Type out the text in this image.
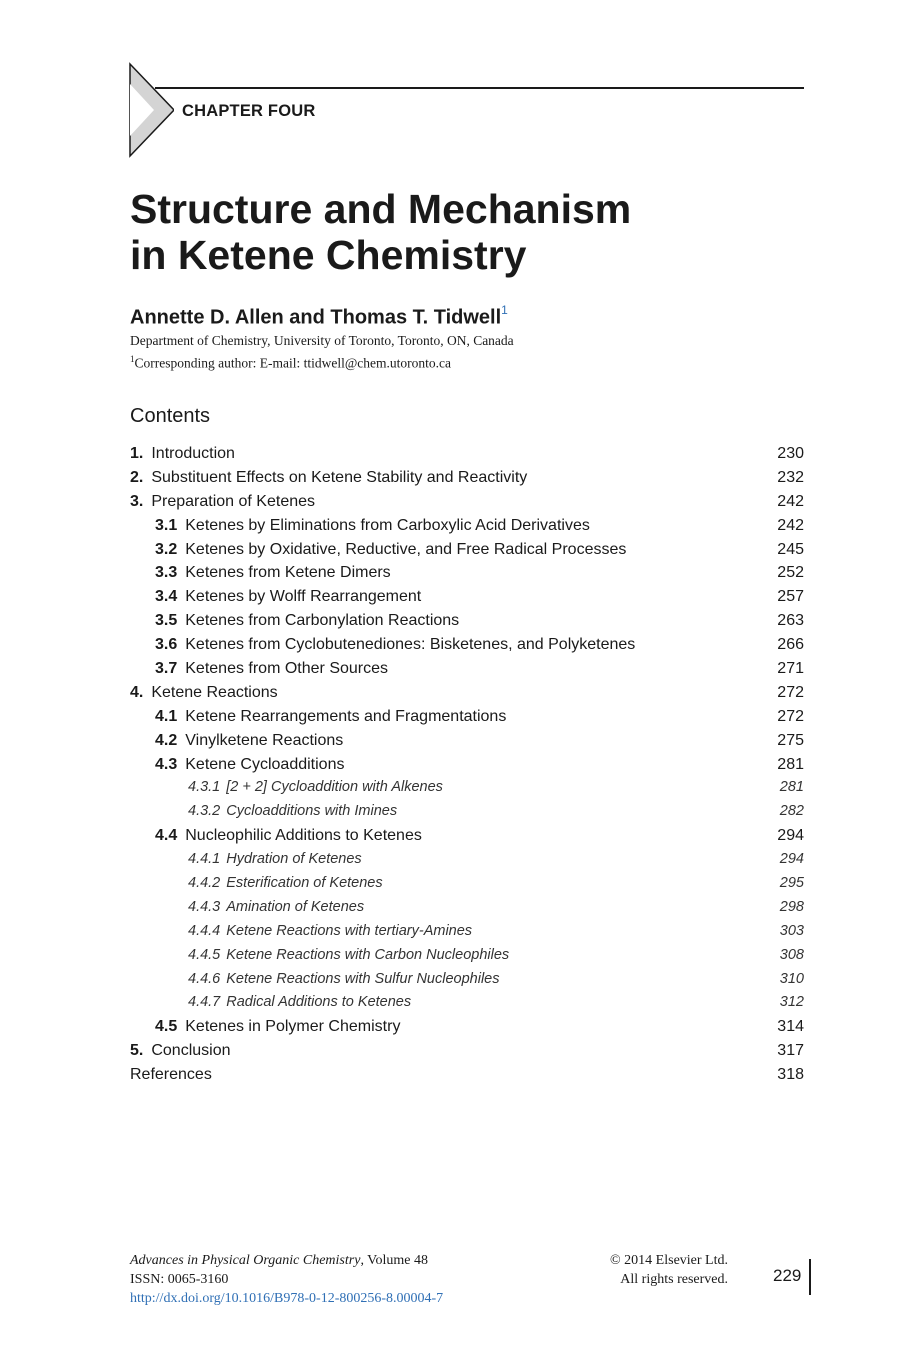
CHAPTER FOUR
Structure and Mechanism
in Ketene Chemistry
Annette D. Allen and Thomas T. Tidwell$^1$
Department of Chemistry, University of Toronto, Toronto, ON, Canada
$^1$Corresponding author: E-mail: ttidwell@chem.utoronto.ca
Contents
1. Introduction	230
2. Substituent Effects on Ketene Stability and Reactivity	232
3. Preparation of Ketenes	242
3.1 Ketenes by Eliminations from Carboxylic Acid Derivatives	242
3.2 Ketenes by Oxidative, Reductive, and Free Radical Processes	245
3.3 Ketenes from Ketene Dimers	252
3.4 Ketenes by Wolff Rearrangement	257
3.5 Ketenes from Carbonylation Reactions	263
3.6 Ketenes from Cyclobutenediones: Bisketenes, and Polyketenes	266
3.7 Ketenes from Other Sources	271
4. Ketene Reactions	272
4.1 Ketene Rearrangements and Fragmentations	272
4.2 Vinylketene Reactions	275
4.3 Ketene Cycloadditions	281
4.3.1 [2 + 2] Cycloaddition with Alkenes	281
4.3.2 Cycloadditions with Imines	282
4.4 Nucleophilic Additions to Ketenes	294
4.4.1 Hydration of Ketenes	294
4.4.2 Esterification of Ketenes	295
4.4.3 Amination of Ketenes	298
4.4.4 Ketene Reactions with tertiary-Amines	303
4.4.5 Ketene Reactions with Carbon Nucleophiles	308
4.4.6 Ketene Reactions with Sulfur Nucleophiles	310
4.4.7 Radical Additions to Ketenes	312
4.5 Ketenes in Polymer Chemistry	314
5. Conclusion	317
References	318
Advances in Physical Organic Chemistry, Volume 48
ISSN: 0065-3160
http://dx.doi.org/10.1016/B978-0-12-800256-8.00004-7
© 2014 Elsevier Ltd.
All rights reserved.	229
